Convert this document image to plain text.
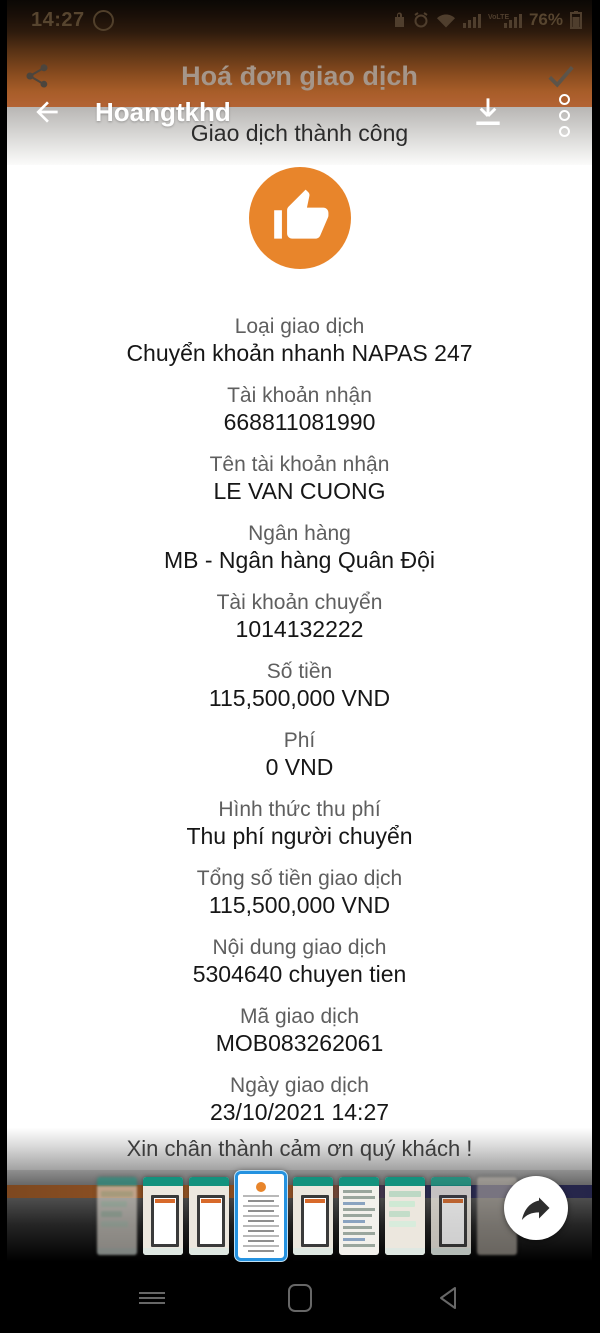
14:27	VoLTE 76%
Hoá đơn giao dịch
Giao dịch thành công
Hoangtkhd
Loại giao dịch
Chuyển khoản nhanh NAPAS 247
Tài khoản nhận
668811081990
Tên tài khoản nhận
LE VAN CUONG
Ngân hàng
MB - Ngân hàng Quân Đội
Tài khoản chuyển
1014132222
Số tiền
115,500,000 VND
Phí
0 VND
Hình thức thu phí
Thu phí người chuyển
Tổng số tiền giao dịch
115,500,000 VND
Nội dung giao dịch
5304640 chuyen tien
Mã giao dịch
MOB083262061
Ngày giao dịch
23/10/2021 14:27
Xin chân thành cảm ơn quý khách !
